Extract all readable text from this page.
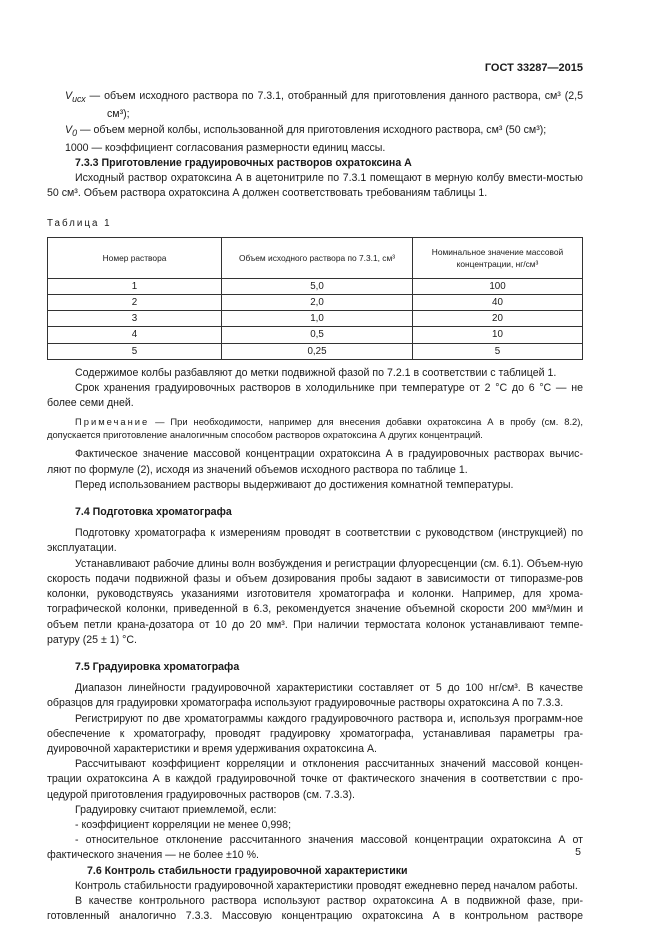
ГОСТ 33287—2015

$V_{исх}$ — объем исходного раствора по 7.3.1, отобранный для приготовления данного раствора, см³ (2,5 см³);

$V_0$ — объем мерной колбы, использованной для приготовления исходного раствора, см³ (50 см³);

1000 — коэффициент согласования размерности единиц массы.

7.3.3 Приготовление градуировочных растворов охратоксина А

Исходный раствор охратоксина А в ацетонитриле по 7.3.1 помещают в мерную колбу вмести-мостью 50 см³. Объем раствора охратоксина А должен соответствовать требованиям таблицы 1.

Таблица 1
Номер раствора	Объем исходного раствора по 7.3.1, см³	Номинальное значение массовой концентрации, нг/см³
1	5,0	100
2	2,0	40
3	1,0	20
4	0,5	10
5	0,25	5

Содержимое колбы разбавляют до метки подвижной фазой по 7.2.1 в соответствии с таблицей 1.

Срок хранения градуировочных растворов в холодильнике при температуре от 2 °C до 6 °C — не более семи дней.

Примечание — При необходимости, например для внесения добавки охратоксина А в пробу (см. 8.2), допускается приготовление аналогичным способом растворов охратоксина А других концентраций.

Фактическое значение массовой концентрации охратоксина А в градуировочных растворах вычис-ляют по формуле (2), исходя из значений объемов исходного раствора по таблице 1.

Перед использованием растворы выдерживают до достижения комнатной температуры.

7.4 Подготовка хроматографа

Подготовку хроматографа к измерениям проводят в соответствии с руководством (инструкцией) по эксплуатации.

Устанавливают рабочие длины волн возбуждения и регистрации флуоресценции (см. 6.1). Объем-ную скорость подачи подвижной фазы и объем дозирования пробы задают в зависимости от типоразме-ров колонки, руководствуясь указаниями изготовителя хроматографа и колонки. Например, для хрома-тографической колонки, приведенной в 6.3, рекомендуется значение объемной скорости 200 мм³/мин и объем петли крана-дозатора от 10 до 20 мм³. При наличии термостата колонок устанавливают темпе-ратуру (25 ± 1) °С.

7.5 Градуировка хроматографа

Диапазон линейности градуировочной характеристики составляет от 5 до 100 нг/см³. В качестве образцов для градуировки хроматографа используют градуировочные растворы охратоксина А по 7.3.3.

Регистрируют по две хроматограммы каждого градуировочного раствора и, используя программ-ное обеспечение к хроматографу, проводят градуировку хроматографа, устанавливая параметры гра-дуировочной характеристики и время удерживания охратоксина А.

Рассчитывают коэффициент корреляции и отклонения рассчитанных значений массовой концен-трации охратоксина А в каждой градуировочной точке от фактического значения в соответствии с про-цедурой приготовления градуировочных растворов (см. 7.3.3).

Градуировку считают приемлемой, если:

- коэффициент корреляции не менее 0,998;

- относительное отклонение рассчитанного значения массовой концентрации охратоксина А от фактического значения — не более ±10 %.

7.6 Контроль стабильности градуировочной характеристики

Контроль стабильности градуировочной характеристики проводят ежедневно перед началом работы.

В качестве контрольного раствора используют раствор охратоксина А в подвижной фазе, при-готовленный аналогично 7.3.3. Массовую концентрацию охратоксина А в контрольном растворе

5
